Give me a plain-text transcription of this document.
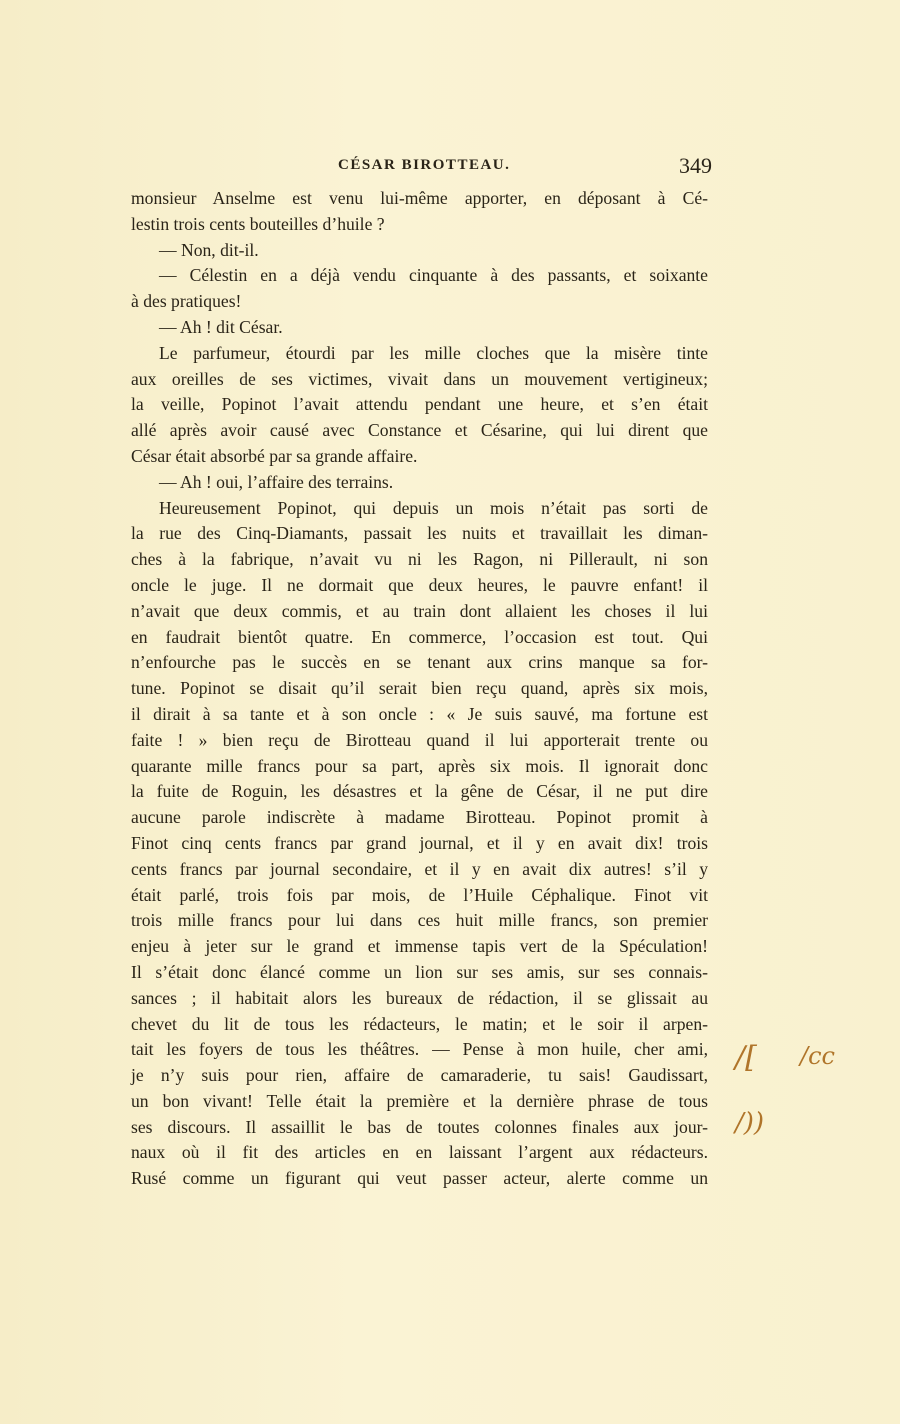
CÉSAR BIROTTEAU.	349
monsieur Anselme est venu lui-même apporter, en déposant à Cé-
lestin trois cents bouteilles d’huile ?
— Non, dit-il.
— Célestin en a déjà vendu cinquante à des passants, et soixante
à des pratiques!
— Ah ! dit César.
Le parfumeur, étourdi par les mille cloches que la misère tinte
aux oreilles de ses victimes, vivait dans un mouvement vertigineux;
la veille, Popinot l’avait attendu pendant une heure, et s’en était
allé après avoir causé avec Constance et Césarine, qui lui dirent que
César était absorbé par sa grande affaire.
— Ah ! oui, l’affaire des terrains.
Heureusement Popinot, qui depuis un mois n’était pas sorti de
la rue des Cinq-Diamants, passait les nuits et travaillait les diman-
ches à la fabrique, n’avait vu ni les Ragon, ni Pillerault, ni son
oncle le juge. Il ne dormait que deux heures, le pauvre enfant! il
n’avait que deux commis, et au train dont allaient les choses il lui
en faudrait bientôt quatre. En commerce, l’occasion est tout. Qui
n’enfourche pas le succès en se tenant aux crins manque sa for-
tune. Popinot se disait qu’il serait bien reçu quand, après six mois,
il dirait à sa tante et à son oncle : « Je suis sauvé, ma fortune est
faite ! » bien reçu de Birotteau quand il lui apporterait trente ou
quarante mille francs pour sa part, après six mois. Il ignorait donc
la fuite de Roguin, les désastres et la gêne de César, il ne put dire
aucune parole indiscrète à madame Birotteau. Popinot promit à
Finot cinq cents francs par grand journal, et il y en avait dix! trois
cents francs par journal secondaire, et il y en avait dix autres! s’il y
était parlé, trois fois par mois, de l’Huile Céphalique. Finot vit
trois mille francs pour lui dans ces huit mille francs, son premier
enjeu à jeter sur le grand et immense tapis vert de la Spéculation!
Il s’était donc élancé comme un lion sur ses amis, sur ses connais-
sances ; il habitait alors les bureaux de rédaction, il se glissait au
chevet du lit de tous les rédacteurs, le matin; et le soir il arpen-
tait les foyers de tous les théâtres. — Pense à mon huile, cher ami,
je n’y suis pour rien, affaire de camaraderie, tu sais! Gaudissart,
un bon vivant! Telle était la première et la dernière phrase de tous
ses discours. Il assaillit le bas de toutes colonnes finales aux jour-
naux où il fit des articles en en laissant l’argent aux rédacteurs.
Rusé comme un figurant qui veut passer acteur, alerte comme un
/[ /cc
/))
